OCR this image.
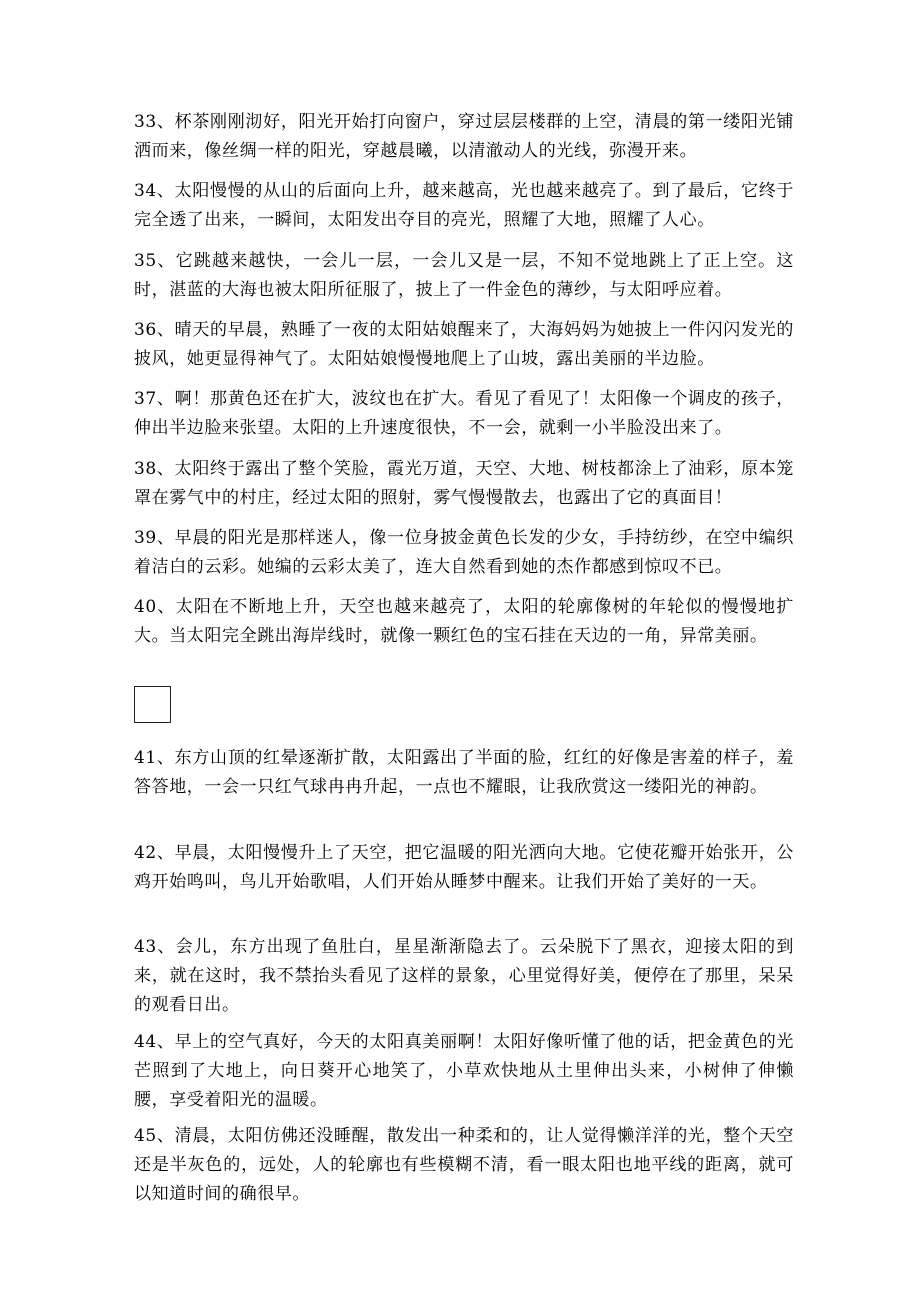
33、杯茶刚刚沏好，阳光开始打向窗户，穿过层层楼群的上空，清晨的第一缕阳光铺洒而来，像丝绸一样的阳光，穿越晨曦，以清澈动人的光线，弥漫开来。

34、太阳慢慢的从山的后面向上升，越来越高，光也越来越亮了。到了最后，它终于完全透了出来，一瞬间，太阳发出夺目的亮光，照耀了大地，照耀了人心。

35、它跳越来越快，一会儿一层，一会儿又是一层，不知不觉地跳上了正上空。这时，湛蓝的大海也被太阳所征服了，披上了一件金色的薄纱，与太阳呼应着。

36、晴天的早晨，熟睡了一夜的太阳姑娘醒来了，大海妈妈为她披上一件闪闪发光的披风，她更显得神气了。太阳姑娘慢慢地爬上了山坡，露出美丽的半边脸。

37、啊！那黄色还在扩大，波纹也在扩大。看见了看见了！太阳像一个调皮的孩子，伸出半边脸来张望。太阳的上升速度很快，不一会，就剩一小半脸没出来了。

38、太阳终于露出了整个笑脸，霞光万道，天空、大地、树枝都涂上了油彩，原本笼罩在雾气中的村庄，经过太阳的照射，雾气慢慢散去，也露出了它的真面目！

39、早晨的阳光是那样迷人，像一位身披金黄色长发的少女，手持纺纱，在空中编织着洁白的云彩。她编的云彩太美了，连大自然看到她的杰作都感到惊叹不已。

40、太阳在不断地上升，天空也越来越亮了，太阳的轮廓像树的年轮似的慢慢地扩大。当太阳完全跳出海岸线时，就像一颗红色的宝石挂在天边的一角，异常美丽。

41、东方山顶的红晕逐渐扩散，太阳露出了半面的脸，红红的好像是害羞的样子，羞答答地，一会一只红气球冉冉升起，一点也不耀眼，让我欣赏这一缕阳光的神韵。

42、早晨，太阳慢慢升上了天空，把它温暖的阳光洒向大地。它使花瓣开始张开，公鸡开始鸣叫，鸟儿开始歌唱，人们开始从睡梦中醒来。让我们开始了美好的一天。

43、会儿，东方出现了鱼肚白，星星渐渐隐去了。云朵脱下了黑衣，迎接太阳的到来，就在这时，我不禁抬头看见了这样的景象，心里觉得好美，便停在了那里，呆呆的观看日出。

44、早上的空气真好，今天的太阳真美丽啊！太阳好像听懂了他的话，把金黄色的光芒照到了大地上，向日葵开心地笑了，小草欢快地从土里伸出头来，小树伸了伸懒腰，享受着阳光的温暖。

45、清晨，太阳仿佛还没睡醒，散发出一种柔和的，让人觉得懒洋洋的光，整个天空还是半灰色的，远处，人的轮廓也有些模糊不清，看一眼太阳也地平线的距离，就可以知道时间的确很早。
